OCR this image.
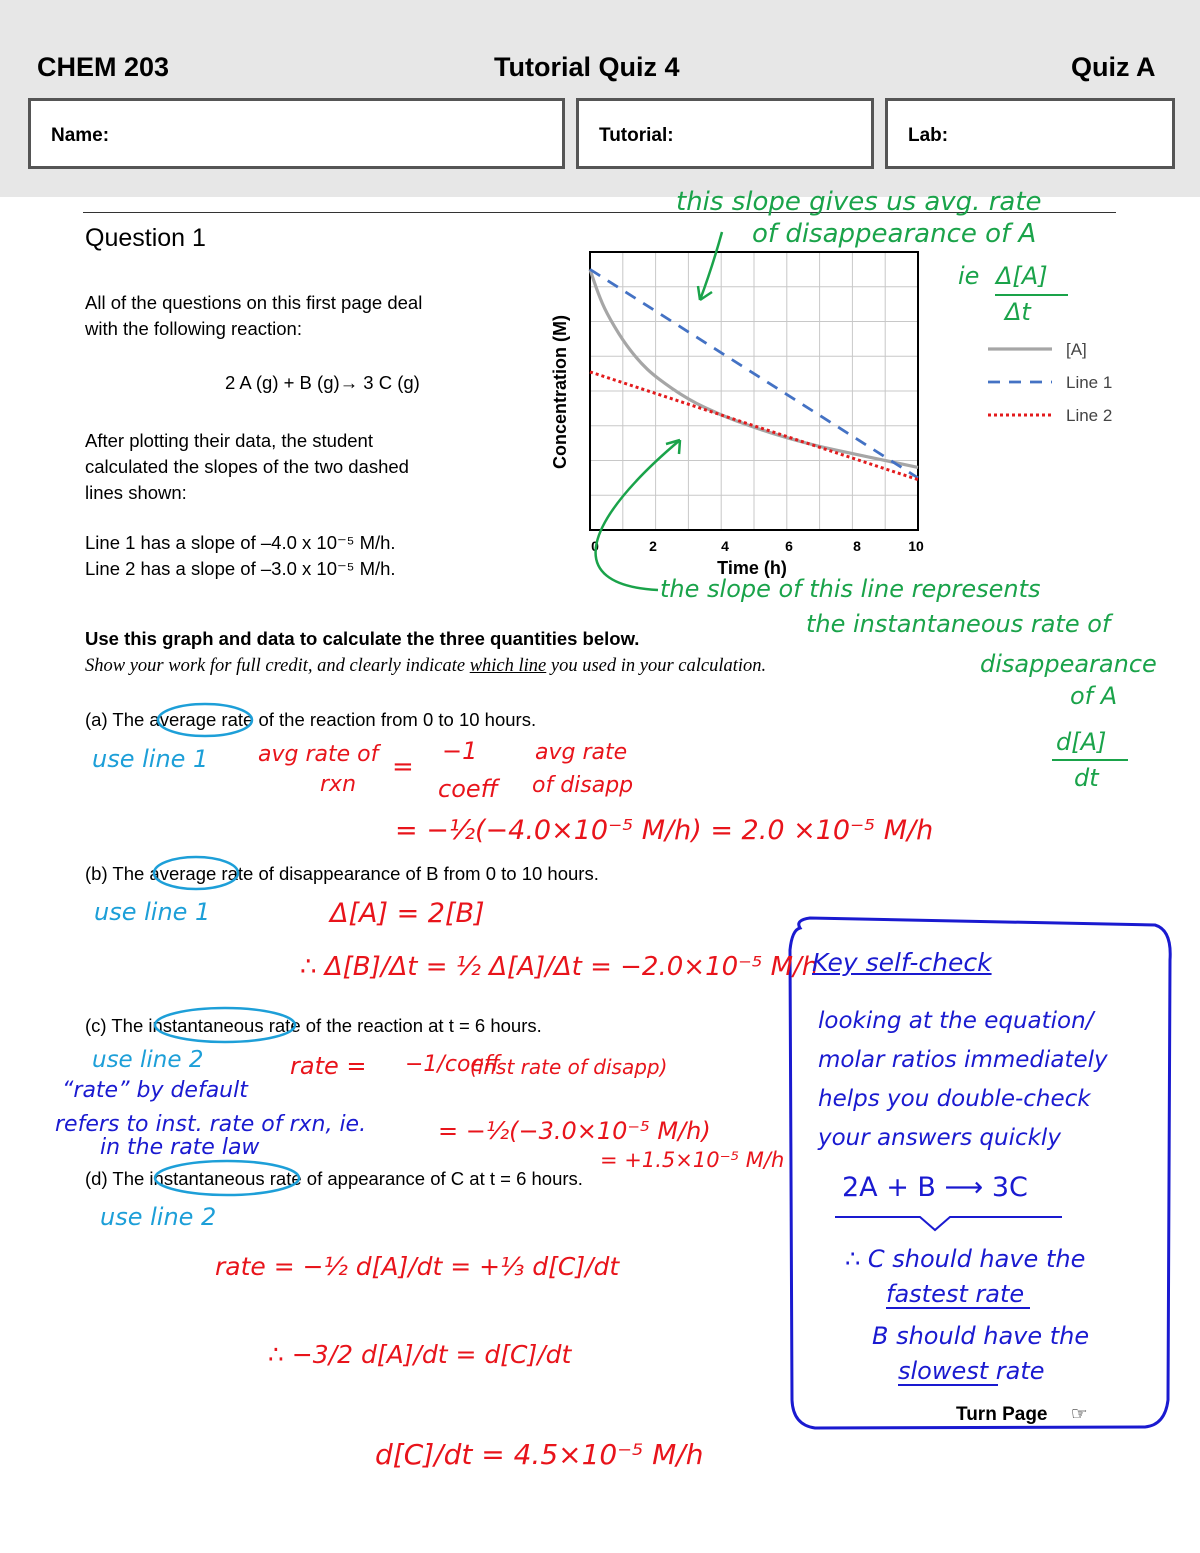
CHEM 203	Tutorial Quiz 4	Quiz A
Name:	Tutorial:	Lab:
Question 1
All of the questions on this first page deal
with the following reaction:
2 A (g) + B (g)→ 3 C (g)
After plotting their data, the student
calculated the slopes of the two dashed
lines shown:
Line 1 has a slope of –4.0 x 10⁻⁵ M/h.
Line 2 has a slope of –3.0 x 10⁻⁵ M/h.
0	2	4	6	8	10
Time (h)
Concentration (M)	[A]
Line 1
Line 2
Use this graph and data to calculate the three quantities below.
Show your work for full credit, and clearly indicate which line you used in your calculation.
(a) The average rate of the reaction from 0 to 10 hours.
(b) The average rate of disappearance of B from 0 to 10 hours.
(c) The instantaneous rate of the reaction at t = 6 hours.
(d) The instantaneous rate of appearance of C at t = 6 hours.
this slope gives us avg. rate
of disappearance of A
ie Δ[A]
Δt
the slope of this line represents
the instantaneous rate of
disappearance
of A
d[A]
dt
use line 1 avg rate of
rxn
=
−1
coeff
avg rate
of disapp
= −½(−4.0×10⁻⁵ M/h) = 2.0 ×10⁻⁵ M/h
use line 1	Δ[A] = 2[B]
∴ Δ[B]/Δt = ½ Δ[A]/Δt = −2.0×10⁻⁵ M/h
use line 2	rate = −1/coeff
(inst rate of disapp)
“rate” by default
refers to inst. rate of rxn, ie.
in the rate law
= −½(−3.0×10⁻⁵ M/h)
= +1.5×10⁻⁵ M/h
use line 2
rate = −½ d[A]/dt = +⅓ d[C]/dt
∴ −3/2 d[A]/dt = d[C]/dt
d[C]/dt = 4.5×10⁻⁵ M/h
Key self-check
looking at the equation/
molar ratios immediately
helps you double-check
your answers quickly
2A + B ⟶ 3C
∴ C should have the
fastest rate
B should have the
slowest rate
Turn Page ☞
